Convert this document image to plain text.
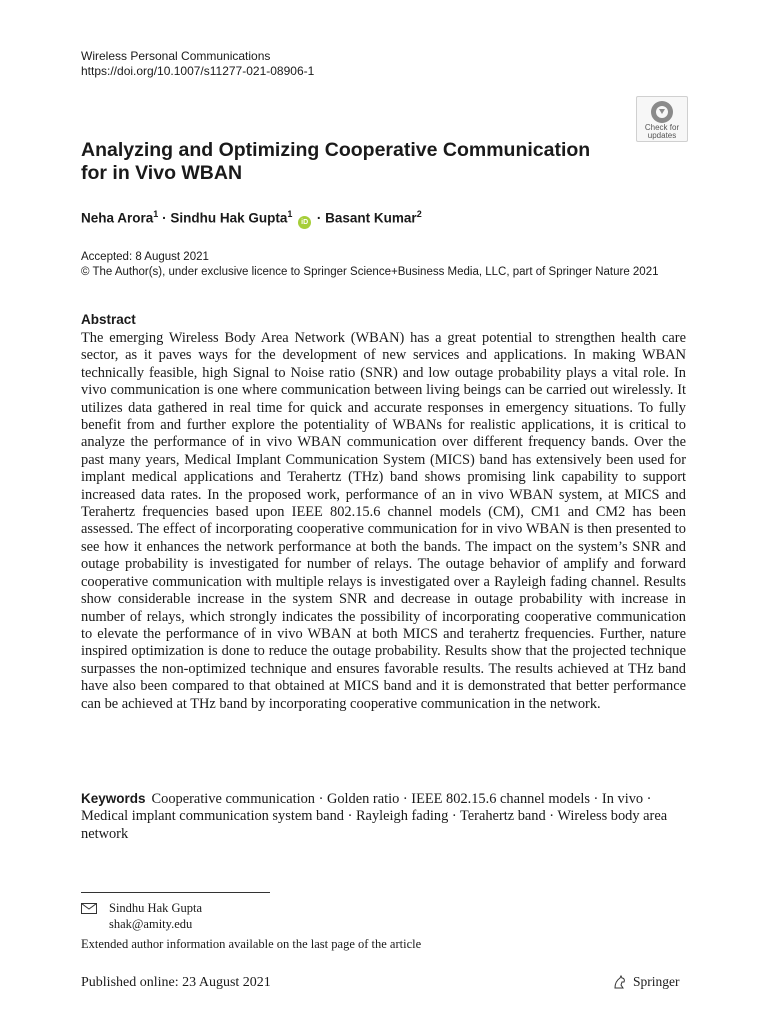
Wireless Personal Communications
https://doi.org/10.1007/s11277-021-08906-1
Check for
updates
Analyzing and Optimizing Cooperative Communication for in Vivo WBAN
Neha Arora$^1$ · Sindhu Hak Gupta$^1$ iD · Basant Kumar$^2$
Accepted: 8 August 2021
© The Author(s), under exclusive licence to Springer Science+Business Media, LLC, part of Springer Nature 2021
Abstract

The emerging Wireless Body Area Network (WBAN) has a great potential to strengthen health care sector, as it paves ways for the development of new services and applications. In making WBAN technically feasible, high Signal to Noise ratio (SNR) and low outage probability plays a vital role. In vivo communication is one where communication between living beings can be carried out wirelessly. It utilizes data gathered in real time for quick and accurate responses in emergency situations. To fully benefit from and further explore the potentiality of WBANs for realistic applications, it is critical to analyze the performance of in vivo WBAN communication over different frequency bands. Over the past many years, Medical Implant Communication System (MICS) band has extensively been used for implant medical applications and Terahertz (THz) band shows promising link capability to support increased data rates. In the proposed work, performance of an in vivo WBAN system, at MICS and Terahertz frequencies based upon IEEE 802.15.6 channel models (CM), CM1 and CM2 has been assessed. The effect of incorporating cooperative communication for in vivo WBAN is then presented to see how it enhances the network performance at both the bands. The impact on the system’s SNR and outage probability is investigated for number of relays. The outage behavior of amplify and forward cooperative communication with multiple relays is investigated over a Rayleigh fading channel. Results show considerable increase in the system SNR and decrease in outage probability with increase in number of relays, which strongly indicates the possibility of incorporating cooperative communication to elevate the performance of in vivo WBAN at both MICS and terahertz frequencies. Further, nature inspired optimization is done to reduce the outage probability. Results show that the projected technique surpasses the non-optimized technique and ensures favorable results. The results achieved at THz band have also been compared to that obtained at MICS band and it is demonstrated that better performance can be achieved at THz band by incorporating cooperative communication in the network.

Keywords Cooperative communication · Golden ratio · IEEE 802.15.6 channel models · In vivo · Medical implant communication system band · Rayleigh fading · Terahertz band · Wireless body area network

Sindhu Hak Gupta
shak@amity.edu
Extended author information available on the last page of the article
Published online: 23 August 2021	Springer
